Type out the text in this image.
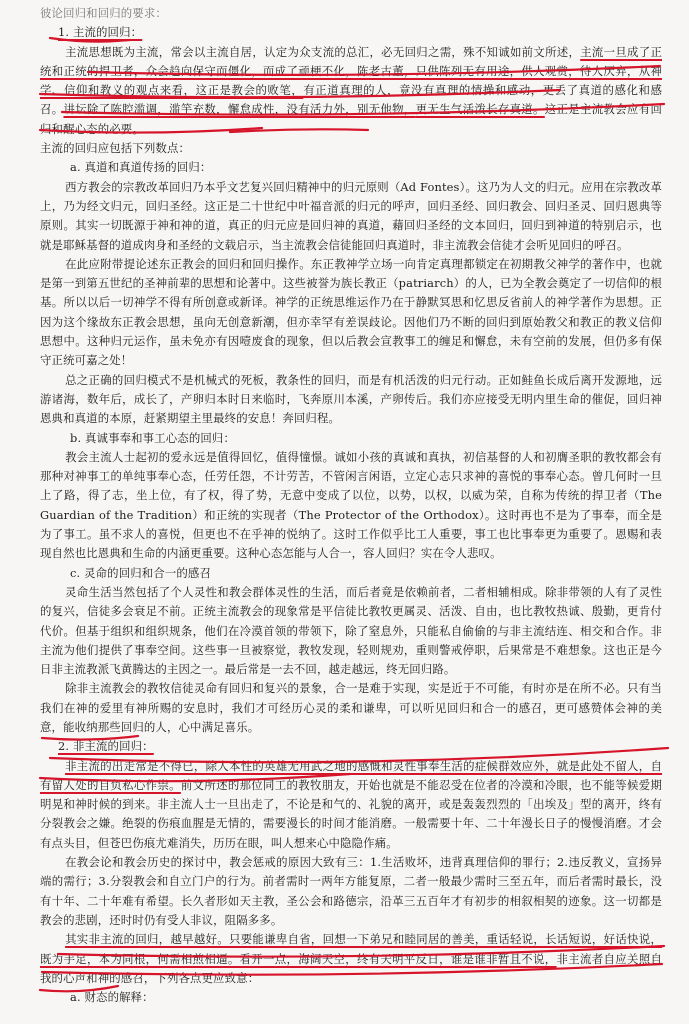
彼论回归和回归的要求：

1. 主流的回归：

主流思想既为主流，常会以主流自居，认定为众支流的总汇，必无回归之需，殊不知诚如前文所述，主流一旦成了正统和正统的捍卫者，众会趋向保守而僵化，而成了顽梗不化，陈老古董，只供陈列无有用途，供人观赏，待人厌弃，从神学、信仰和教义的观点来看，这正是教会的败笔，有正道真理的人，竟没有真理的情操和感动，更丢了真道的感化和感召。讲坛除了陈腔滥调，滥竽充数，懈怠成性，没有活力外，别无他物，更无生气活泼长存真道。这正是主流教会应有回归和醒心态的必要。

主流的回归应包括下列数点：

a. 真道和真道传扬的回归：

西方教会的宗教改革回归乃本乎文艺复兴回归精神中的归元原则（Ad Fontes）。这乃为人文的归元。应用在宗教改革上，乃为经文归元，回归圣经。这正是二十世纪中叶福音派的归元的呼声，回归圣经、回归教会、回归圣灵、回归恩典等原则。其实一切既源于神和神的道，真正的归元应是回归神的真道，藉回归圣经的文本回归，回归到神道的特别启示，也就是耶稣基督的道成肉身和圣经的文载启示，当主流教会信徒能回归真道时，非主流教会信徒才会听见回归的呼召。

在此应附带提论述东正教会的回归和回归操作。东正教神学立场一向肯定真理都锁定在初期教父神学的著作中，也就是第一到第五世纪的圣神前辈的思想和论著中。这些被誉为族长教正（patriarch）的人，已为全教会奠定了一切信仰的根基。所以以后一切神学不得有所创意或新译。神学的正统思维运作乃在于静默冥思和忆思反省前人的神学著作为思想。正因为这个缘故东正教会思想，虽向无创意新潮，但亦幸罕有差误歧论。因他们乃不断的回归到原始教父和教正的教义信仰思想中。这种归元运作，虽未免亦有因噎废食的现象，但以后教会宣教事工的缠足和懈怠，未有空前的发展，但仍多有保守正统可嘉之处！

总之正确的回归模式不是机械式的死板，教条性的回归，而是有机活泼的归元行动。正如鲑鱼长成后离开发源地，远游诸海，数年后，成长了，产卵归本时日来临时，飞奔原川本溪，产卵传后。我们亦应接受无明内里生命的催促，回归神恩典和真道的本原，赶紧期望主里最终的安息！奔回归程。

b. 真诚事奉和事工心态的回归：

教会主流人士起初的爱永远是值得回忆，值得憧憬。诚如小孩的真诚和真执，初信基督的人和初膺圣职的教牧都会有那种对神事工的单纯事奉心态，任劳任怨，不计劳苦，不管闲言闲语，立定心志只求神的喜悦的事奉心态。曾几何时一旦上了路，得了志，坐上位，有了权，得了势，无意中变成了以位，以势，以权，以威为荣，自称为传统的捍卫者（The Guardian of the Tradition）和正统的实现者（The Protector of the Orthodox）。这时再也不是为了事奉，而全是为了事工。虽不求人的喜悦，但更也不在乎神的悦纳了。这时工作似乎比工人重要，事工也比事奉更为重要了。恩赐和表现自然也比恩典和生命的内涵更重要。这种心态怎能与人合一，容人回归？实在令人悲叹。

c. 灵命的回归和合一的感召

灵命生活当然包括了个人灵性和教会群体灵性的生活，而后者竟是依赖前者，二者相辅相成。除非带领的人有了灵性的复兴，信徒多会衰足不前。正统主流教会的现象常是平信徒比教牧更属灵、活泼、自由，也比教牧热诚、殷勤，更肯付代价。但基于组织和组织规条，他们在冷漠首领的带领下，除了窒息外，只能私自偷偷的与非主流结连、相交和合作。非主流为他们提供了事奉空间。这些事一旦被察觉，教牧发现，轻则规劝，重则警戒停职，后果常是不难想象。这也正是今日非主流教派飞黄腾达的主因之一。最后常是一去不回，越走越远，终无回归路。

除非主流教会的教牧信徒灵命有回归和复兴的景象，合一是难于实现，实是近于不可能，有时亦是在所不必。只有当我们在神的爱里有神所赐的安息时，我们才可经历心灵的柔和谦卑，可以听见回归和合一的感召，更可感赞体会神的美意，能收纳那些回归的人，心中满足喜乐。

2. 非主流的回归：

非主流的出走常是不得已，除人本性的英雄无用武之地的感慨和灵性事奉生活的症候群效应外，就是此处不留人，自有留人处的自负私心作祟。前文所述的那位同工的教牧朋友，开始也就是不能忍受在位者的冷漠和冷眼，也不能等候爱期明晃和神时候的到来。非主流人士一旦出走了，不论是和气的、礼貌的离开，或是轰轰烈烈的「出埃及」型的离开，终有分裂教会之嫌。绝裂的伤痕血腥是无情的，需要漫长的时间才能消磨。一般需要十年、二十年漫长日子的慢慢消磨。才会有点头目，但苍巴伤痕尤难消失，历历在眼，叫人想来心中隐隐作痛。

在教会论和教会历史的探讨中，教会惩戒的原因大致有三：1.生活败坏，违背真理信仰的罪行；2.违反教义，宣扬异端的需行；3.分裂教会和自立门户的行为。前者需时一两年方能复原，二者一般最少需时三至五年，而后者需时最长，没有十年、二十年难有希望。长久者形如天主教，圣公会和路德宗，沿革三五百年才有初步的相叙相契的迹象。这一切都是教会的悲剧，还时时仍有受人非议，阻隔多多。

其实非主流的回归，越早越好。只要能谦卑自省，回想一下弟兄和睦同居的善美，重话轻说，长话短说，好话快说，既为手足，本为同根，何需相煎相逼。看开一点，海阔天空，终有天明平反日，谁是谁非暂且不说，非主流者自应关照自我的心声和神的感召，下列各点更应致意：

a. 财态的解释：
